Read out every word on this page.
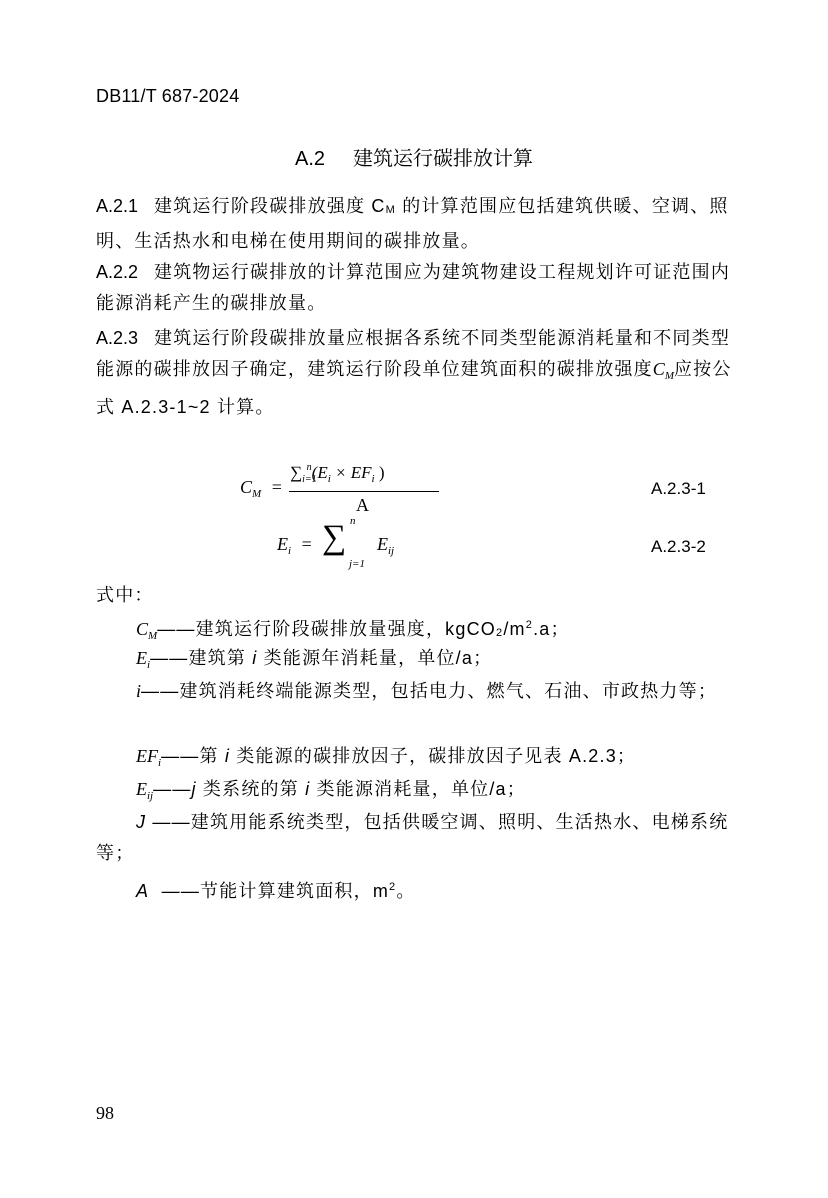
DB11/T 687-2024
A.2 建筑运行碳排放计算
A.2.1 建筑运行阶段碳排放强度 CM 的计算范围应包括建筑供暖、空调、照明、生活热水和电梯在使用期间的碳排放量。
A.2.2 建筑物运行碳排放的计算范围应为建筑物建设工程规划许可证范围内能源消耗产生的碳排放量。
A.2.3 建筑运行阶段碳排放量应根据各系统不同类型能源消耗量和不同类型能源的碳排放因子确定，建筑运行阶段单位建筑面积的碳排放强度$C_M$应按公式 A.2.3-1~2 计算。
$C_M$ =
$\sum_{i=1}^n(E_i \times EF_i$ )
A
A.2.3-1
$E_i$ = ∑ n
j=1
$E_{ij}$	A.2.3-2
式中：
$C_M——$建筑运行阶段碳排放量强度，$kgCO2/m^2.a$；
$E_i——$建筑第 i 类能源年消耗量，单位/a；
i——建筑消耗终端能源类型，包括电力、燃气、石油、市政热力等；
$EF_i——$第 i 类能源的碳排放因子，碳排放因子见表 A.2.3；
$E_{ij}——j$ 类系统的第 i 类能源消耗量，单位/a；
J ——建筑用能系统类型，包括供暖空调、照明、生活热水、电梯系统等；
A  ——节能计算建筑面积，$m^2$。
98
